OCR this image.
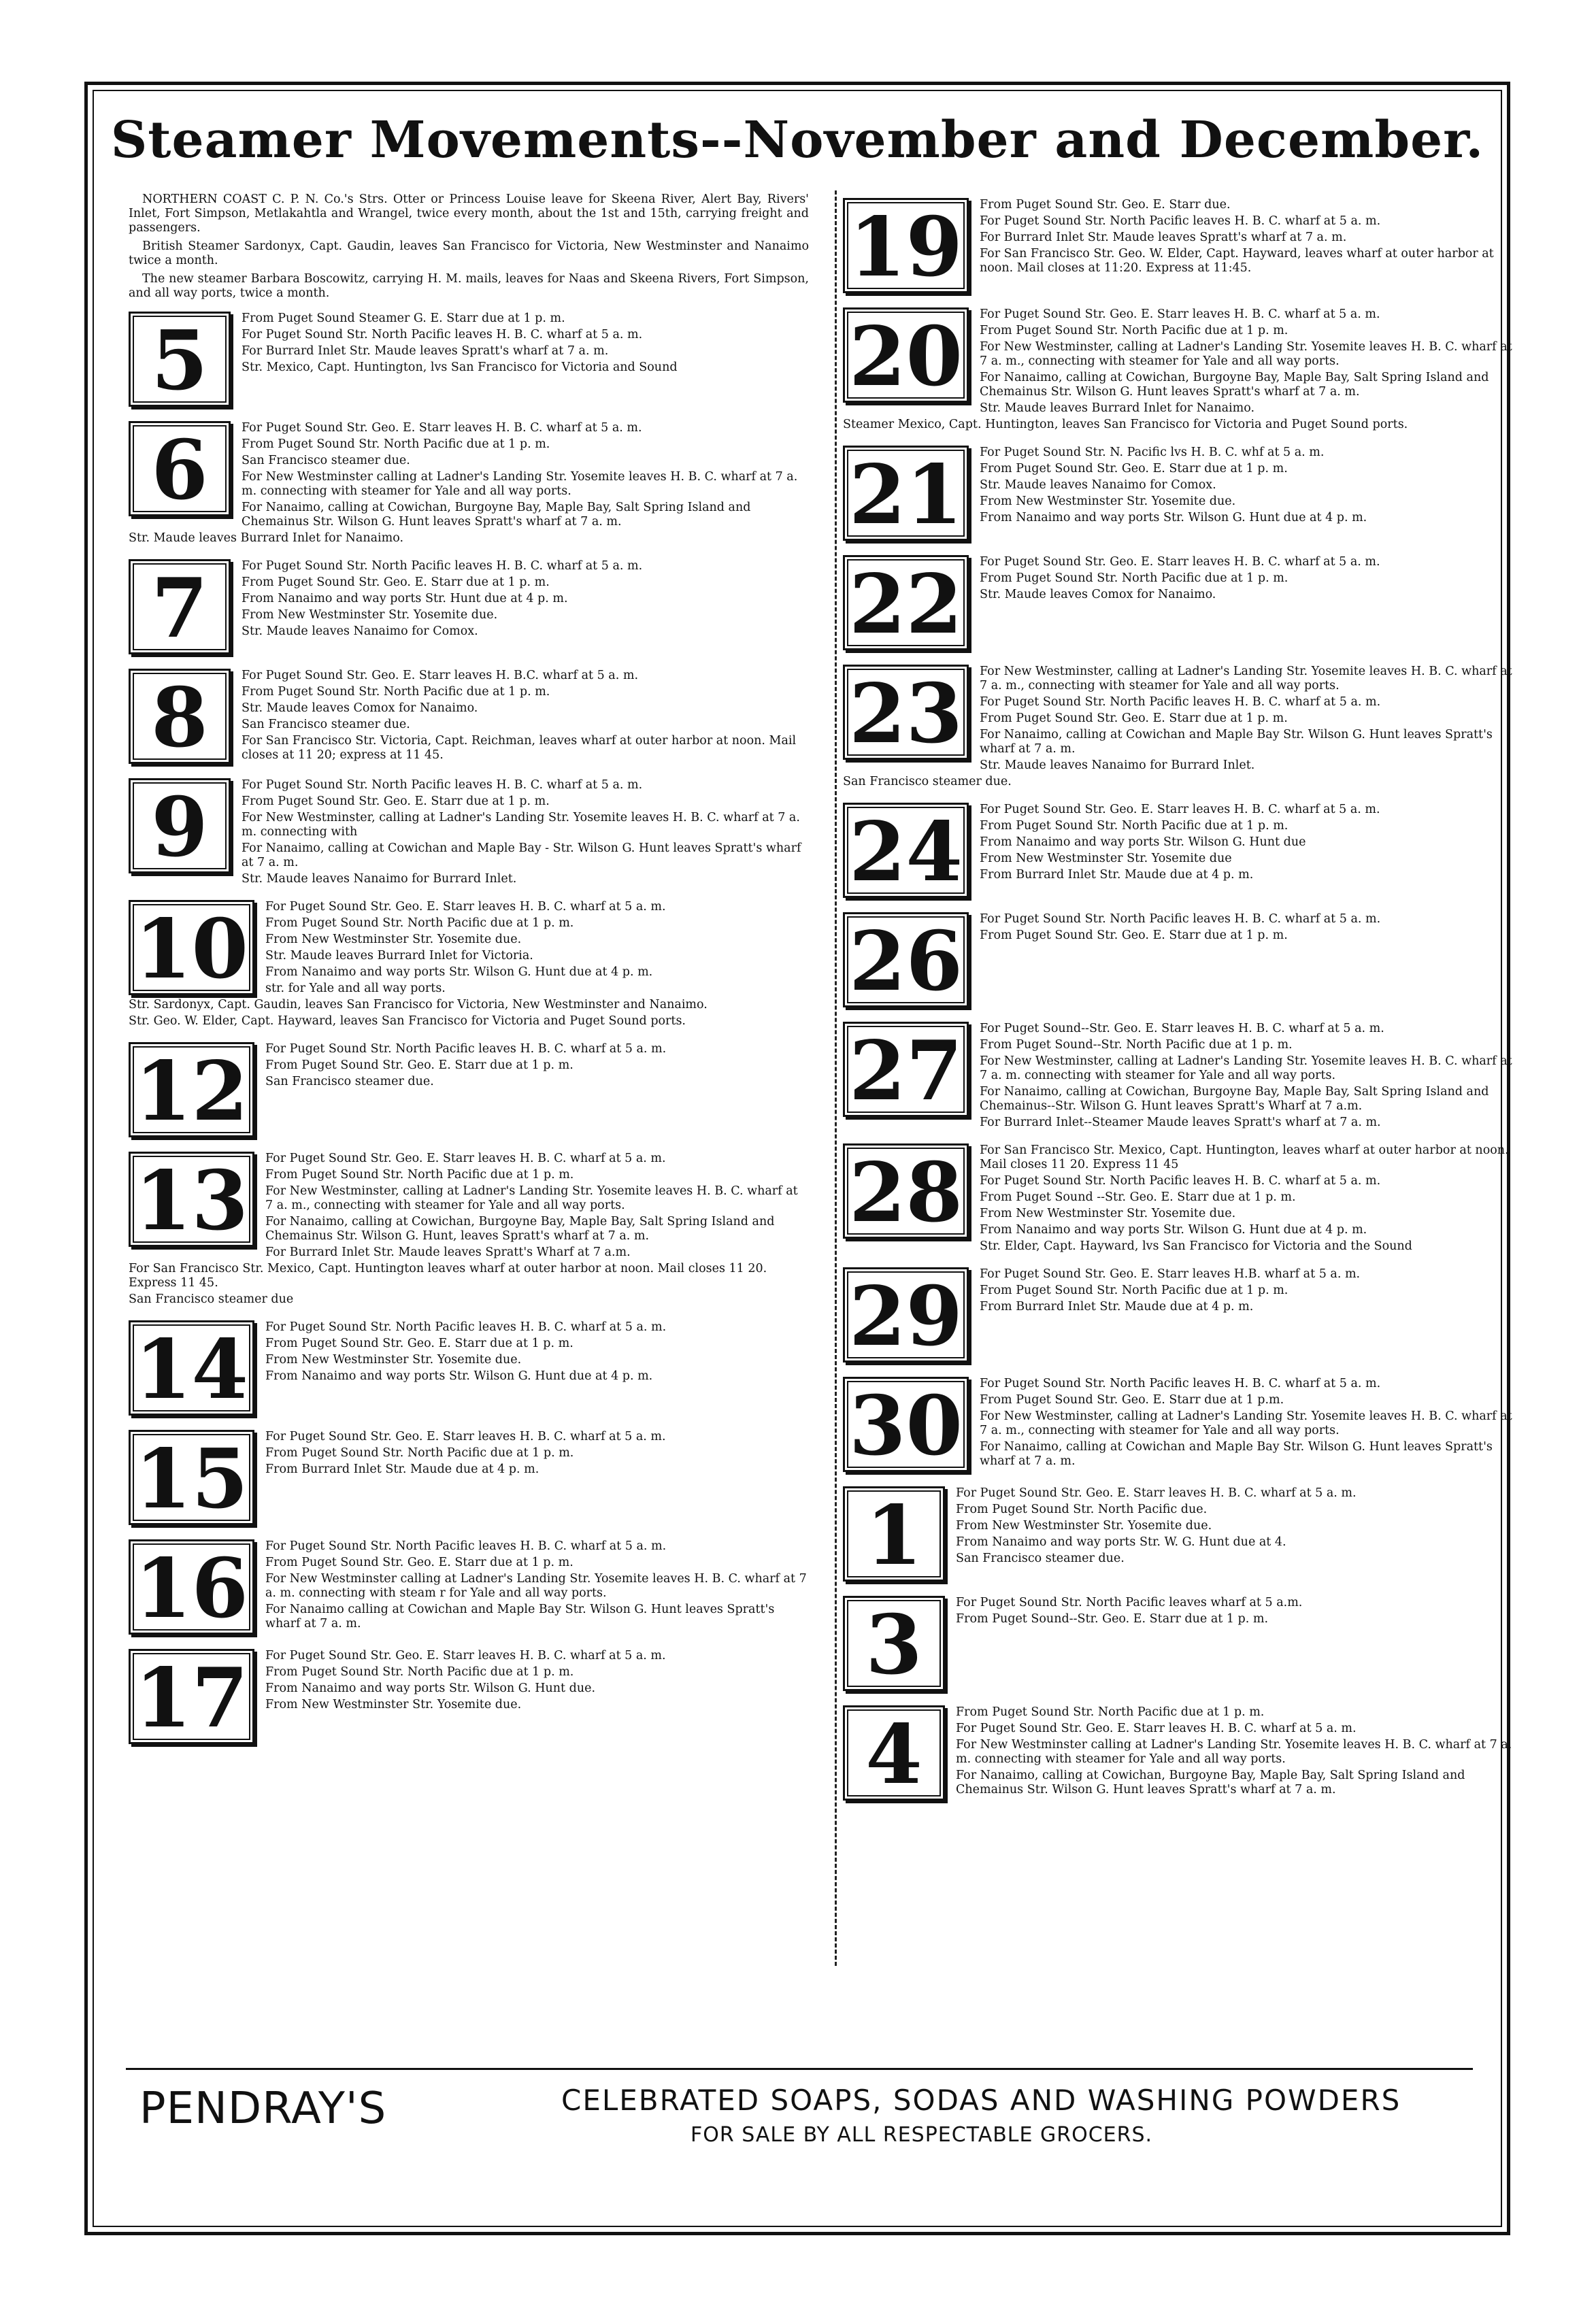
Steamer Movements--November and December.

NORTHERN COAST C. P. N. Co.'s Strs. Otter or Princess Louise leave for Skeena River, Alert Bay, Rivers' Inlet, Fort Simpson, Metlakahtla and Wrangel, twice every month, about the 1st and 15th, carrying freight and passengers.

British Steamer Sardonyx, Capt. Gaudin, leaves San Francisco for Victoria, New Westminster and Nanaimo twice a month.

The new steamer Barbara Boscowitz, carrying H. M. mails, leaves for Naas and Skeena Rivers, Fort Simpson, and all way ports, twice a month.

5	From Puget Sound Steamer G. E. Starr due at 1 p. m.
For Puget Sound Str. North Pacific leaves H. B. C. wharf at 5 a. m.
For Burrard Inlet Str. Maude leaves Spratt's wharf at 7 a. m.
Str. Mexico, Capt. Huntington, lvs San Francisco for Victoria and Sound
6	For Puget Sound Str. Geo. E. Starr leaves H. B. C. wharf at 5 a. m.
From Puget Sound Str. North Pacific due at 1 p. m.
San Francisco steamer due.
For New Westminster calling at Ladner's Landing Str. Yosemite leaves H. B. C. wharf at 7 a. m. connecting with steamer for Yale and all way ports.
For Nanaimo, calling at Cowichan, Burgoyne Bay, Maple Bay, Salt Spring Island and Chemainus Str. Wilson G. Hunt leaves Spratt's wharf at 7 a. m.
Str. Maude leaves Burrard Inlet for Nanaimo.
7	For Puget Sound Str. North Pacific leaves H. B. C. wharf at 5 a. m.
From Puget Sound Str. Geo. E. Starr due at 1 p. m.
From Nanaimo and way ports Str. Hunt due at 4 p. m.
From New Westminster Str. Yosemite due.
Str. Maude leaves Nanaimo for Comox.
8	For Puget Sound Str. Geo. E. Starr leaves H. B.C. wharf at 5 a. m.
From Puget Sound Str. North Pacific due at 1 p. m.
Str. Maude leaves Comox for Nanaimo.
San Francisco steamer due.
For San Francisco Str. Victoria, Capt. Reichman, leaves wharf at outer harbor at noon. Mail closes at 11 20; express at 11 45.
9	For Puget Sound Str. North Pacific leaves H. B. C. wharf at 5 a. m.
From Puget Sound Str. Geo. E. Starr due at 1 p. m.
For New Westminster, calling at Ladner's Landing Str. Yosemite leaves H. B. C. wharf at 7 a. m. connecting with
For Nanaimo, calling at Cowichan and Maple Bay - Str. Wilson G. Hunt leaves Spratt's wharf at 7 a. m.
Str. Maude leaves Nanaimo for Burrard Inlet.
10	For Puget Sound Str. Geo. E. Starr leaves H. B. C. wharf at 5 a. m.
From Puget Sound Str. North Pacific due at 1 p. m.
From New Westminster Str. Yosemite due.
Str. Maude leaves Burrard Inlet for Victoria.
From Nanaimo and way ports Str. Wilson G. Hunt due at 4 p. m.
str. for Yale and all way ports.
Str. Sardonyx, Capt. Gaudin, leaves San Francisco for Victoria, New Westminster and Nanaimo.
Str. Geo. W. Elder, Capt. Hayward, leaves San Francisco for Victoria and Puget Sound ports.
12	For Puget Sound Str. North Pacific leaves H. B. C. wharf at 5 a. m.
From Puget Sound Str. Geo. E. Starr due at 1 p. m.
San Francisco steamer due.
13	For Puget Sound Str. Geo. E. Starr leaves H. B. C. wharf at 5 a. m.
From Puget Sound Str. North Pacific due at 1 p. m.
For New Westminster, calling at Ladner's Landing Str. Yosemite leaves H. B. C. wharf at 7 a. m., connecting with steamer for Yale and all way ports.
For Nanaimo, calling at Cowichan, Burgoyne Bay, Maple Bay, Salt Spring Island and Chemainus Str. Wilson G. Hunt, leaves Spratt's wharf at 7 a. m.
For Burrard Inlet Str. Maude leaves Spratt's Wharf at 7 a.m.
For San Francisco Str. Mexico, Capt. Huntington leaves wharf at outer harbor at noon. Mail closes 11 20. Express 11 45.
San Francisco steamer due
14	For Puget Sound Str. North Pacific leaves H. B. C. wharf at 5 a. m.
From Puget Sound Str. Geo. E. Starr due at 1 p. m.
From New Westminster Str. Yosemite due.
From Nanaimo and way ports Str. Wilson G. Hunt due at 4 p. m.
15	For Puget Sound Str. Geo. E. Starr leaves H. B. C. wharf at 5 a. m.
From Puget Sound Str. North Pacific due at 1 p. m.
From Burrard Inlet Str. Maude due at 4 p. m.
16	For Puget Sound Str. North Pacific leaves H. B. C. wharf at 5 a. m.
From Puget Sound Str. Geo. E. Starr due at 1 p. m.
For New Westminster calling at Ladner's Landing Str. Yosemite leaves H. B. C. wharf at 7 a. m. connecting with steam r for Yale and all way ports.
For Nanaimo calling at Cowichan and Maple Bay Str. Wilson G. Hunt leaves Spratt's wharf at 7 a. m.
17	For Puget Sound Str. Geo. E. Starr leaves H. B. C. wharf at 5 a. m.
From Puget Sound Str. North Pacific due at 1 p. m.
From Nanaimo and way ports Str. Wilson G. Hunt due.
From New Westminster Str. Yosemite due.
19	From Puget Sound Str. Geo. E. Starr due.
For Puget Sound Str. North Pacific leaves H. B. C. wharf at 5 a. m.
For Burrard Inlet Str. Maude leaves Spratt's wharf at 7 a. m.
For San Francisco Str. Geo. W. Elder, Capt. Hayward, leaves wharf at outer harbor at noon. Mail closes at 11:20. Express at 11:45.
20	For Puget Sound Str. Geo. E. Starr leaves H. B. C. wharf at 5 a. m.
From Puget Sound Str. North Pacific due at 1 p. m.
For New Westminster, calling at Ladner's Landing Str. Yosemite leaves H. B. C. wharf at 7 a. m., connecting with steamer for Yale and all way ports.
For Nanaimo, calling at Cowichan, Burgoyne Bay, Maple Bay, Salt Spring Island and Chemainus Str. Wilson G. Hunt leaves Spratt's wharf at 7 a. m.
Str. Maude leaves Burrard Inlet for Nanaimo.
Steamer Mexico, Capt. Huntington, leaves San Francisco for Victoria and Puget Sound ports.
21	For Puget Sound Str. N. Pacific lvs H. B. C. whf at 5 a. m.
From Puget Sound Str. Geo. E. Starr due at 1 p. m.
Str. Maude leaves Nanaimo for Comox.
From New Westminster Str. Yosemite due.
From Nanaimo and way ports Str. Wilson G. Hunt due at 4 p. m.
22	For Puget Sound Str. Geo. E. Starr leaves H. B. C. wharf at 5 a. m.
From Puget Sound Str. North Pacific due at 1 p. m.
Str. Maude leaves Comox for Nanaimo.
23	For New Westminster, calling at Ladner's Landing Str. Yosemite leaves H. B. C. wharf at 7 a. m., connecting with steamer for Yale and all way ports.
For Puget Sound Str. North Pacific leaves H. B. C. wharf at 5 a. m.
From Puget Sound Str. Geo. E. Starr due at 1 p. m.
For Nanaimo, calling at Cowichan and Maple Bay Str. Wilson G. Hunt leaves Spratt's wharf at 7 a. m.
Str. Maude leaves Nanaimo for Burrard Inlet.
San Francisco steamer due.
24	For Puget Sound Str. Geo. E. Starr leaves H. B. C. wharf at 5 a. m.
From Puget Sound Str. North Pacific due at 1 p. m.
From Nanaimo and way ports Str. Wilson G. Hunt due
From New Westminster Str. Yosemite due
From Burrard Inlet Str. Maude due at 4 p. m.
26	For Puget Sound Str. North Pacific leaves H. B. C. wharf at 5 a. m.
From Puget Sound Str. Geo. E. Starr due at 1 p. m.
27	For Puget Sound--Str. Geo. E. Starr leaves H. B. C. wharf at 5 a. m.
From Puget Sound--Str. North Pacific due at 1 p. m.
For New Westminster, calling at Ladner's Landing Str. Yosemite leaves H. B. C. wharf at 7 a. m. connecting with steamer for Yale and all way ports.
For Nanaimo, calling at Cowichan, Burgoyne Bay, Maple Bay, Salt Spring Island and Chemainus--Str. Wilson G. Hunt leaves Spratt's Wharf at 7 a.m.
For Burrard Inlet--Steamer Maude leaves Spratt's wharf at 7 a. m.
28	For San Francisco Str. Mexico, Capt. Huntington, leaves wharf at outer harbor at noon. Mail closes 11 20. Express 11 45
For Puget Sound Str. North Pacific leaves H. B. C. wharf at 5 a. m.
From Puget Sound --Str. Geo. E. Starr due at 1 p. m.
From New Westminster Str. Yosemite due.
From Nanaimo and way ports Str. Wilson G. Hunt due at 4 p. m.
Str. Elder, Capt. Hayward, lvs San Francisco for Victoria and the Sound
29	For Puget Sound Str. Geo. E. Starr leaves H.B. wharf at 5 a. m.
From Puget Sound Str. North Pacific due at 1 p. m.
From Burrard Inlet Str. Maude due at 4 p. m.
30	For Puget Sound Str. North Pacific leaves H. B. C. wharf at 5 a. m.
From Puget Sound Str. Geo. E. Starr due at 1 p.m.
For New Westminster, calling at Ladner's Landing Str. Yosemite leaves H. B. C. wharf at 7 a. m., connecting with steamer for Yale and all way ports.
For Nanaimo, calling at Cowichan and Maple Bay Str. Wilson G. Hunt leaves Spratt's wharf at 7 a. m.
1	For Puget Sound Str. Geo. E. Starr leaves H. B. C. wharf at 5 a. m.
From Puget Sound Str. North Pacific due.
From New Westminster Str. Yosemite due.
From Nanaimo and way ports Str. W. G. Hunt due at 4.
San Francisco steamer due.
3	For Puget Sound Str. North Pacific leaves wharf at 5 a.m.
From Puget Sound--Str. Geo. E. Starr due at 1 p. m.
4	From Puget Sound Str. North Pacific due at 1 p. m.
For Puget Sound Str. Geo. E. Starr leaves H. B. C. wharf at 5 a. m.
For New Westminster calling at Ladner's Landing Str. Yosemite leaves H. B. C. wharf at 7 a. m. connecting with steamer for Yale and all way ports.
For Nanaimo, calling at Cowichan, Burgoyne Bay, Maple Bay, Salt Spring Island and Chemainus Str. Wilson G. Hunt leaves Spratt's wharf at 7 a. m.
PENDRAY'S	CELEBRATED SOAPS, SODAS AND WASHING POWDERS
FOR SALE BY ALL RESPECTABLE GROCERS.
